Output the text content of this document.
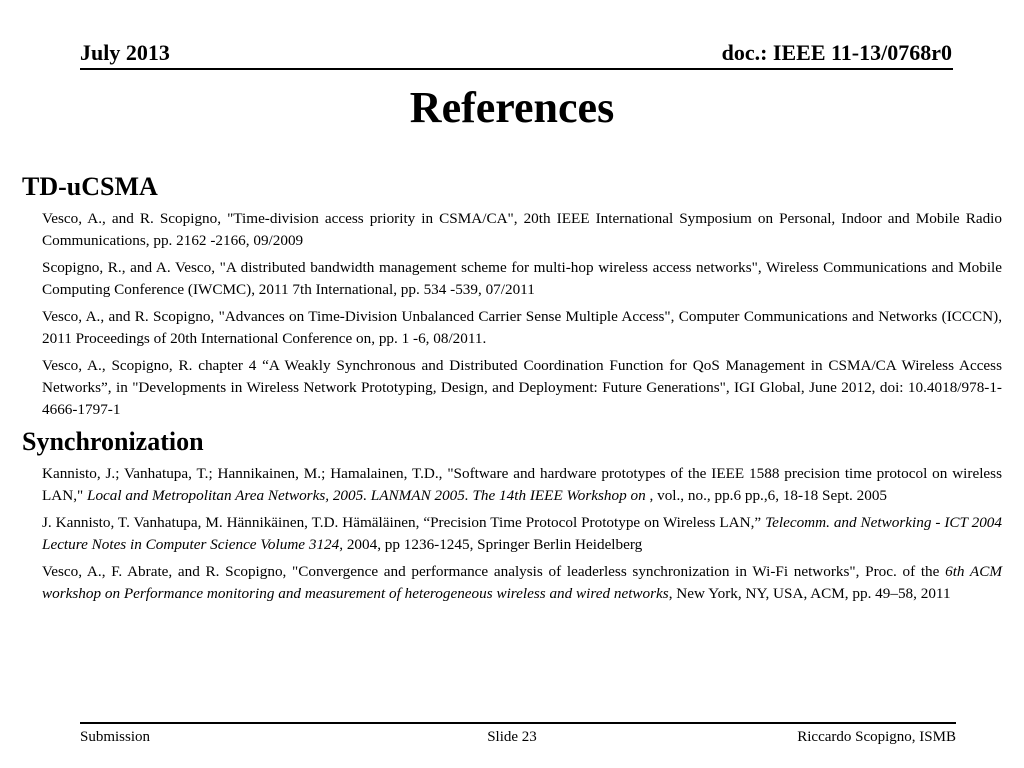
July 2013	doc.: IEEE 11-13/0768r0
References
TD-uCSMA

Vesco, A., and R. Scopigno, "Time-division access priority in CSMA/CA", 20th IEEE International Symposium on Personal, Indoor and Mobile Radio Communications, pp. 2162 -2166, 09/2009

Scopigno, R., and A. Vesco, "A distributed bandwidth management scheme for multi-hop wireless access networks", Wireless Communications and Mobile Computing Conference (IWCMC), 2011 7th International, pp. 534 -539, 07/2011

Vesco, A., and R. Scopigno, "Advances on Time-Division Unbalanced Carrier Sense Multiple Access", Computer Communications and Networks (ICCCN), 2011 Proceedings of 20th International Conference on, pp. 1 -6, 08/2011.

Vesco, A., Scopigno, R. chapter 4 “A Weakly Synchronous and Distributed Coordination Function for QoS Management in CSMA/CA Wireless Access Networks”, in "Developments in Wireless Network Prototyping, Design, and Deployment: Future Generations", IGI Global, June 2012, doi: 10.4018/978-1-4666-1797-1

Synchronization

Kannisto, J.; Vanhatupa, T.; Hannikainen, M.; Hamalainen, T.D., "Software and hardware prototypes of the IEEE 1588 precision time protocol on wireless LAN," Local and Metropolitan Area Networks, 2005. LANMAN 2005. The 14th IEEE Workshop on , vol., no., pp.6 pp.,6, 18-18 Sept. 2005

J. Kannisto, T. Vanhatupa, M. Hännikäinen, T.D. Hämäläinen, “Precision Time Protocol Prototype on Wireless LAN,” Telecomm. and Networking - ICT 2004 Lecture Notes in Computer Science Volume 3124, 2004, pp 1236-1245, Springer Berlin Heidelberg

Vesco, A., F. Abrate, and R. Scopigno, "Convergence and performance analysis of leaderless synchronization in Wi-Fi networks", Proc. of the 6th ACM workshop on Performance monitoring and measurement of heterogeneous wireless and wired networks, New York, NY, USA, ACM, pp. 49–58, 2011

Submission	Slide 23	Riccardo Scopigno, ISMB
